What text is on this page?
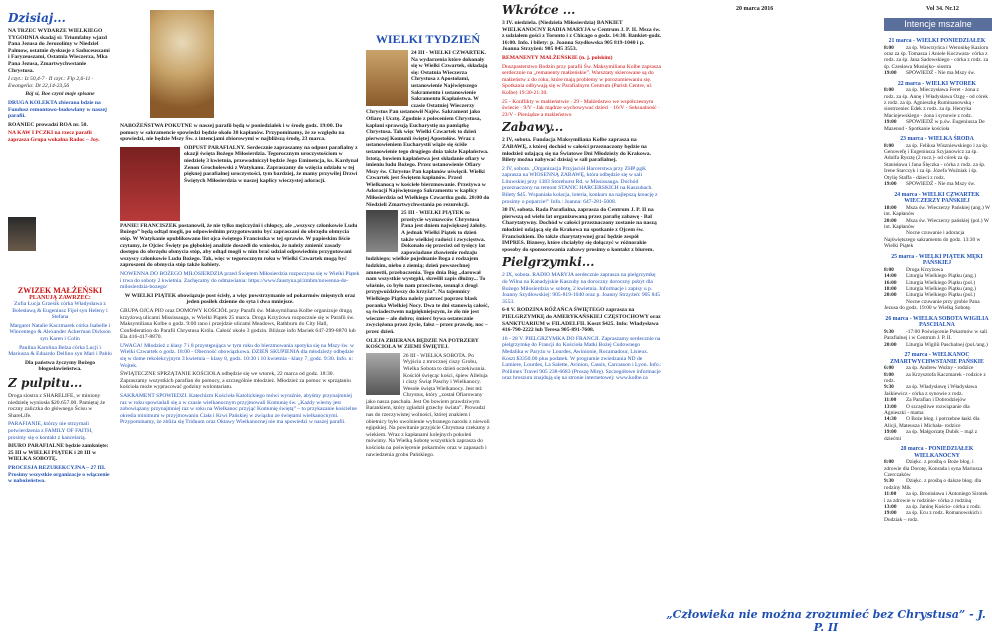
Dzisiaj...

NA TRZEC WYDARZE WIELKIEGO TYGODNIA skadaj si: Triumfalny wjazd Pana Jezusa do Jerozolimy w Niedziel Palmow, ostatnie dyskusje z Saduceuszami i Faryzeuszami, Ostatnia Wieczerza, Mka Pana Jezusa, Zmartwychwstanie Chrystusa.

I czyt.: Iz 50,4-7 · II czyt.: Flp 2,6-11 · Ewangelia: Dt 22,14-23,56

Bój si, Boe czyni moje spisane

DRUGA KOLEKTA zbierana bdzie na Fundusz remontowo-budowlany w naszej parafii.

ROANIEC prowadzi ROA nr. 50.

NA KAW I PCZKI na rzecz parafii zaprasza Grupa wokalna Radoc – Joy.

ZWIZEK MAŁŻEŃSKI
PLANUJĄ ZAWRZEĆ:

Zofia Łucja Grzesik córka Władysława z Bolesławą & Eugeniusz Fijoł syn Heleny i Stefana

Margaret Natalie Kaczmarek córka Isabelle i Wincentego & Alexander Ackerman Dickson syn Karen i Colin

Paulina Karolina Belza córka Lucji i Mariusza & Eduardo Dellino syn Mari i Pablo

Dla państwa życzymy Bożego błogosławieństwa.

Z pulpitu...

Droga siostra z SHARELIFE, w miniony niedzielę wyniosła $20.657.00. Pamiętaj że roczny zaliczka do głównego Ścisu w ShareLife.

PARAFIANIE, którzy nie otrzymali potwierdzenia z FAMILY OF FAITH, prosimy się o kontakt z kancelarią.

BIURO PARAFIALNE będzie zamknięte: 25 III w WIELKI PIĄTEK i 28 III w WIELKA SOBOTĘ.

PROCESJA REZUREKCYJNA – 27 III. Prosimy wszystkie organizacje o włączenie w nabożeństwo.

NABOŻEŃSTWA POKUTNE w naszej parafii będą w poniedziałek i w środę godz. 19:00. Do pomocy w sakramencie spowiedzi będzie około 30 kapłanów. Przypominamy, że ze względu na spowiedzi, nie będzie Mszy Św. z intencjami zbiorowymi w najbliższą środę, 23 marca.

ODPUST PARAFIALNY. Serdecznie zapraszamy na odpust parafialny z okazji święta Bożego Miłosierdzia. Tegorocznym uroczystościom w niedzielę 3 kwietnia, przewodniczył będzie Jego Eminencja, ks. Kardynał Zenon Grocholewski z Watykanu. Zapraszamy do wzięcia udziału w tej pięknej parafialnej uroczystości, tym bardziej, że mamy przywilej Drzwi Świętych Miłosierdzia w naszej kaplicy wieczystej adoracji.

PANIE! FRANCISZEK postanowił, że nie tylko mężczyźni i chłopcy, ale „wszyscy członkowie Ludu Bożego” będą odtąd mogli, po odpowiednim przygotowaniu być zapraszani do obrzędu obmycia stóp. W Watykanie opublikowano list ojca świętego Franciszka w tej sprawie. W papieskim liście czytamy, że Ojciec Święty po głębokiej analizie doszedł do wniosku, że należy zmienić zasady dostępu do obrzędu obmycia stóp, aby odtąd mogli w nim brać udział odpowiednio przygotowani wszyscy członkowie Ludu Bożego. Tak, więc w tegorocznym roku w Wielki Czwartek mogą być zaproszeni do obmycia stóp także kobiety.

NOWENNA DO BOŻEGO MIŁOSIERDZIA przed Świętem Miłosierdzia rozpoczyna się w Wielki Piątek i trwa do soboty 2 kwietnia. Zachęcamy do odmawiania: https://www.faustyna.pl/zmbm/nowenna-do-milosierdzia-bozego/

W WIELKI PIĄTEK obowiązuje post ścisły, a więc powstrzymanie od pokarmów mięsnych oraz jeden posiłek dzienne do syta i dwa mniejsze.

GRUPA OJCA PIO oraz DOMOWY KOŚCIÓŁ przy Parafii św. Maksymiliana Kolbe organizuje drugą krzyżową ulicami Mississauga, w Wielki Piątek 25 marca. Droga Krzyżowa rozpocznie się w Parafii św. Maksymiliana Kolbe o godz. 9:00 rano i przejdzie ulicami Meadows, Rathburn do City Hall, Confederation do Parafii Chrystusa Króla. Całość około 3 godzin. Bliższe info Maciek 647-299-8870 lub Ela 416-417-8870.

UWAGA! Młodzież z klasy 7 i 8 przystępująca w tym roku do bierzmowania spotyka się na Mszy św. w Wielki Czwartek o godz. 18:00 - Obecność obowiązkowa. DZIEŃ SKUPIENIA dla młodzieży odbędzie się w dome rekolekcyjnym 3 kwietnia – klasy 8, godz. 10:30 i 10 kwietnia - klasy 7, godz. 9:30. Info. u: Wojtek.

ŚWIĄTECZNE SPRZĄTANIE KOŚCIOŁA odbędzie się we wtorek, 22 marca od godz. 18:30. Zapraszamy wszystkich parafian do pomocy, a szczególnie młodzież. Młodzież za pomoc w sprzątaniu kościoła może wypracować godziny wolontariatu.

SAKRAMENT SPOWIEDZI. Katechizm Kościoła Katolickiego mówi wyraźnie, abyśmy przynajmniej raz w roku spowiadali się a w czasie wielkanocnym przyjmowali Komunię św. „Każdy wierny jest zobowiązany przynajmniej raz w roku na Wielkanoc przyjąć Komunię świętą” – to przykazanie kościelne określa minimum w przyjmowaniu Ciała i Krwi Pańskiej w związku ze świętami wielkanocnymi. Przypominamy, że zbliża się Triduum oraz Oktawy Wielkanocnej nie ma spowiedzi w naszej parafii.

WIELKI TYDZIEŃ

24 III - WIELKI CZWARTEK. Na wydarzenia które dokonały się w Wielki Czwartek, składają się: Ostatnia Wieczerza Chrystusa z Apostołami, ustanowienie Najświętszego Sakramentu i ustanowienie Sakramentu Kapłaństwa. W czasie Ostatniej Wieczerzy Chrystus Pan ustanowił Najśw. Sakrament jako Ofiarę i Ucztę. Zgodnie z poleceniem Chrystusa, kapłani sprawują Eucharystię na pamiątkę Chrystusa. Tak więc Wielki Czwartek to dzień pierwszej Komunii świętej Apostołów. Wraz z ustanowieniem Eucharystii wiąże się ściśle ustanowienie tego drugiego dnia także Kapłaństwa. Istotą, bowiem kapłaństwa jest składanie ofiary w imieniu ludu Bożego. Przez ustanowienie Ofiary Mszy św. Chrystus Pan kapłanów uświęcił. Wielki Czwartek jest Świętem kapłanów. Przed Wielkanocą w kościele bierzmowanie. Przeżywa w Adoracji Najświętszego Sakramentu w kaplicy Miłosierdzia od Wielkiego Czwartku godz. 20:00 do Niedzieli Zmartwychwstania po rezurekcji.

25 III - WIELKI PIĄTEK to przeżycie wyznawców Chrystusa Pana jest dniem największej żałoby. A jednak Wielki Piątek to dzień także wielkiej radości i zwycięstwa. Dokonało się przecież od tysięcy lat zapowiadane zbawienie rodzaju ludzkiego; wielkie pojednanie Boga z rodzajem ludzkim, niebo z ziemią; dzień powszechnej amnestii, przebaczenia. Tego dnia Bóg „darował nam wszystkie występki, skreślił zapis dłużny... To właśnie, co było nam przeciwne, usunął z drogi przygwoździwszy do krzyża”. Na tajemnicy Wielkiego Piątku należy patrzeć poprzez blask poranka Wielkiej Nocy. Dwa te dni stanowią całość, są świadectwem najpiękniejszym, że zło nie jest wieczne – ale dobro; śmierć bywa ostatecznie zwyciężona przez życie, fałsz – przez prawdę, noc – przez dzień.

OLEJA ZBIERANA BĘDZIE NA POTRZEBY KOŚCIOŁA W ZIEMI ŚWIĘTEJ.

26 III - WIELKA SOBOTA. Po Wyjściu z mrocznej ciszy Grobu, Wielka Sobota to dzień oczekiwania. Kościół święcąc kości, śpiew Alleluja i ciszy Świąt Paschy i Wielkanocy. Wesołe święta Wielkanocy. Jest też Chrystus, który „został Ofiarowany jako nasza paschała. Jest On bowiem prawdziwym Barankiem, który zgładził grzechy świata”. Prowadzi nas do rzeczywistej wolności, której znakiem i obietnicy było uwolnienie wybranego narodu z niewoli egipskiej. Na powitanie przyjście Chrystusa czekamy z wiekiem. Wraz z kapłanami kolejnych pokoleń mówimy. Na Wielką Sobotę wszystkich zaprasza do kościoła na poświęcenie pokarmów oraz w zapasach i nawiedzenia grobu Pańskiego.

Wkrótce ...

3 IV. niedziela. (Niedziela Miłosierdzia) BANKIET WIELKANOCNY RADIA MARYJA w Centrum J. P. II. Msza św. z udziałem gości z Toronto i z Chicago o godz. 14:30. Bankiet-godz. 16:00. Info. i bilety: p. Joanna Szydłowska 905 819-1040 i p. Joanna Strzyżeń: 905 845 3553.

REMANENTY MAŁŻEŃSKIE (n. j. polskim)

Duszpasterstwo Rodzin przy parafii Św. Maksymiliana Kolbe zaprasza serdecznie na „remanenty małżeńskie”. Warsztaty skierowane są do małżeństw z do roku, które mają problemy w porozumiewaniu się. Spotkania odbywają się w Parafialnym Centrum (Parish Centre, ul. Kolbe) 19:30-21:30.

25 - Konflikty w małżeństwie · 29 - Małżeństwo we współczesnym świecie · 9/V - Jak mądrze wychowywać dzieci · 16/V - Seksualność · 23/V - Pieniądze a małżeństwo

Zabawy...

2 IV, sobota. Fundacja Maksymiliana Kolbe zaprasza na ZABAWĘ, z której dochód w całości przeznaczony będzie na młodzież udającą się na Światowe Dni Młodzieży do Krakowa. Bilety można nabywać dzisiaj w sali parafialnej.

2 IV, sobota. „Organizacja Przyjaciół Harcerstwa przy ZHP pgK zaprasza na WIOSENNĄ ZABAWĘ, która odbędzie się w sali Lituwskiej przy 1383 Storehurst Rd. w Mississauga. Dochód przeznaczony na remont STANIC HARCERSKICH na Kaszubach. Bilety $45. Wspaniała kolacja, loteria, konkurs na najlepszą kreację z prosimy o poparcie!” Info.: Joanna: 647-281-5008.

30 IV, sobota. Rada Parafialna, zaprasza do Centrum J. P. II na pierwszą od wielu lat organizowaną przez parafię zabawę - Bal Charytatywny. Dochód w całości przeznaczony zostanie na naszą młodzież udającą się do Krakowa na spotkanie z Ojcem św. Franciszkiem. Do także charytatywnej grać będzie zespół IMPRES. Biznesy, które chciałyby się dołączyć w różnorakie sposoby do sponsorowania zabawy prosimy o kontakt z biurem.

Pielgrzymki...

2 IX, sobota. RADIO MARYJA serdecznie zaprasza na pielgrzymkę do Wilna na Kanadyjskie Kaszuby na doroczny doroczny pobyt dla Bożego Miłosierdzia w sobotę, 2 kwietnia. Informacje i zapisy u p. Joanny Szydłowskiej: 905-819-1040 oraz p. Joanny Strzyżeń: 905 845 3553.

6-8 V. RODZINA RÓŻAŃCA ŚWIĘTEGO zaprasza na PIELGRZYMKĘ do AMERYKAŃSKIEJ CZĘSTOCHOWY oraz SANKTUARIUM w FILADELFII. Koszt $425. Info: Władysława 416-790-2222 lub Teresa 905-891-7608.

16 - 28 V. PIELGRZYMKA DO FRANCJI. Zapraszamy serdecznie na pielgrzymkę do Francji do Kościoła Matki Bożej Cudownego Medalika w Paryżu w Lourdes, Awinionie, Rocamadour, Lisieux. Koszt $3350.00 plus podatek. W programie zwiedzania ND de Lumiere, Lourdes, La Salette, Avinion, Cassis, Carcasson i Lyon. Info.: Pollimex Travel 905 238-6683 (Proszę Mirę). Szczegółowe informacje oraz broszura znajdują się na stronie internetowej: www.kolbe.ca

20 marca 2016	Vol 34. Nr.12
Intencje mszalne
21 marca - WIELKI PONIEDZIAŁEK
8:00 za śp. Wawrzyńca i Weronikę Kazioru oraz za śp. Tomasza i Aniele Koczwara- córka z rodz. za śp. Jana Sadowskiego - córka z rodz. za śp. Czesława Musiejko- siostra
19:00 SPOWIEDŹ - Nie ma Mszy św.
22 marca - WIELKI WTOREK
8:00 za śp. Mieczysława Feret - żona z rodz. za śp. Annę i Władysława Ozgę - od córek z rodz. za śp. Agnieszkę Ruminanowską - siostrzeniec Edek z rodz. za śp. Henryka Maciejewskiego - żona i synowie z rodz.
19:00 SPOWIEDŹ w p.św. Eugeniusza De Mazenod - Spotkanie kościoła
23 marca - WIELKA ŚRODA
8:00 za śp. Feliksa Wiszniewskiego i za śp. Genowefę i Eugeniusza Szyjanowicz za śp. Adolfa Rysztę (2 rocz.)- od córek za śp. Stanisława i Jana Ślęczka - córka z rodz. za śp. Irene Starczyk i za śp. Józefa Woźniak i śp. Otylię Staffa - dzieci z rodz.
19:00 SPOWIEDŹ - Nie ma Mszy św.
24 marca - WIELKI CZWARTEK WIECZERZY PAŃSKIEJ
18:00 Msza św. Wieczerzy Pańskiej (ang.) W int. Kapłanów
20:00 Msza św. Wieczerzy pańskiej (pol.) W int. Kapłanów
Nocne czuwanie i adoracja Najświętszego sakramentu do godz. 13:30 w Wielki Piątek
25 marca - WIELKI PIĄTEK MĘKI PAŃSKIEJ
8:00 Droga Krzyżowa
14:00 Liturgia Wielkiego Piątku (ang.)
16:00 Liturgia Wielkiego Piątku (pol.)
18:00 Liturgia Wielkiego Piątku (ang.)
20:00 Liturgia Wielkiego Piątku (pol.)
Nocne czuwanie przy grobie Pana Jezusa do godz. 19:00 w Wielką Sobotę.
26 marca - WIELKA SOBOTA WIGILIA PASCHALNA
9:30 -17:00 Poświęcenie Pokarmów w sali Parafialnej i w Centrum J. P. II.
20:00 Liturgia Wigilii Paschalnej (pol./ang.)
27 marca - WIELKANOC ZMARTWYCHWSTANIE PAŃSKIE
6:00 za śp. Andrew Woźny - rodzice
8:00 za Krzysztofa Kaczmarek - rodzice z rodz.
9:30 za śp. Władysławę i Władysława Jaśkiewicz - córka z synowie z rodz.
11:00 Za Parafian i Dobrodziejów
13:00 O szczęśliwe rozwiązanie dla Agnieszki - mama
14:30 O Boże błog. i potrzebne łaski dla Alicji, Mateusza i Michała- rodzice
19:00 za śp. Małgorzatę Dubik – mąż z dziećmi
28 marca - PONIEDZIAŁEK WIELKANOCNY
8:00 Dziękc. z prośbą o Boże błog. i zdrowie dla Dorotę, Konrada i syna Mariusza Czerczaków
9:30 Dziękc. z prośbą o dalsze błog. dla rodziny Mik
11:00 za śp. Bronisława i Antoniego Sirotek i za zdrowie w rodzinie- córka z rodziną
13:00 za śp. Janinę Kościo- córka z rodz.
19:00 za śp. Ecu z rodz. Romanowskich i Dudziak – rodz.
„Człowieka nie można zrozumieć bez Chrystusa” - J. P. II
